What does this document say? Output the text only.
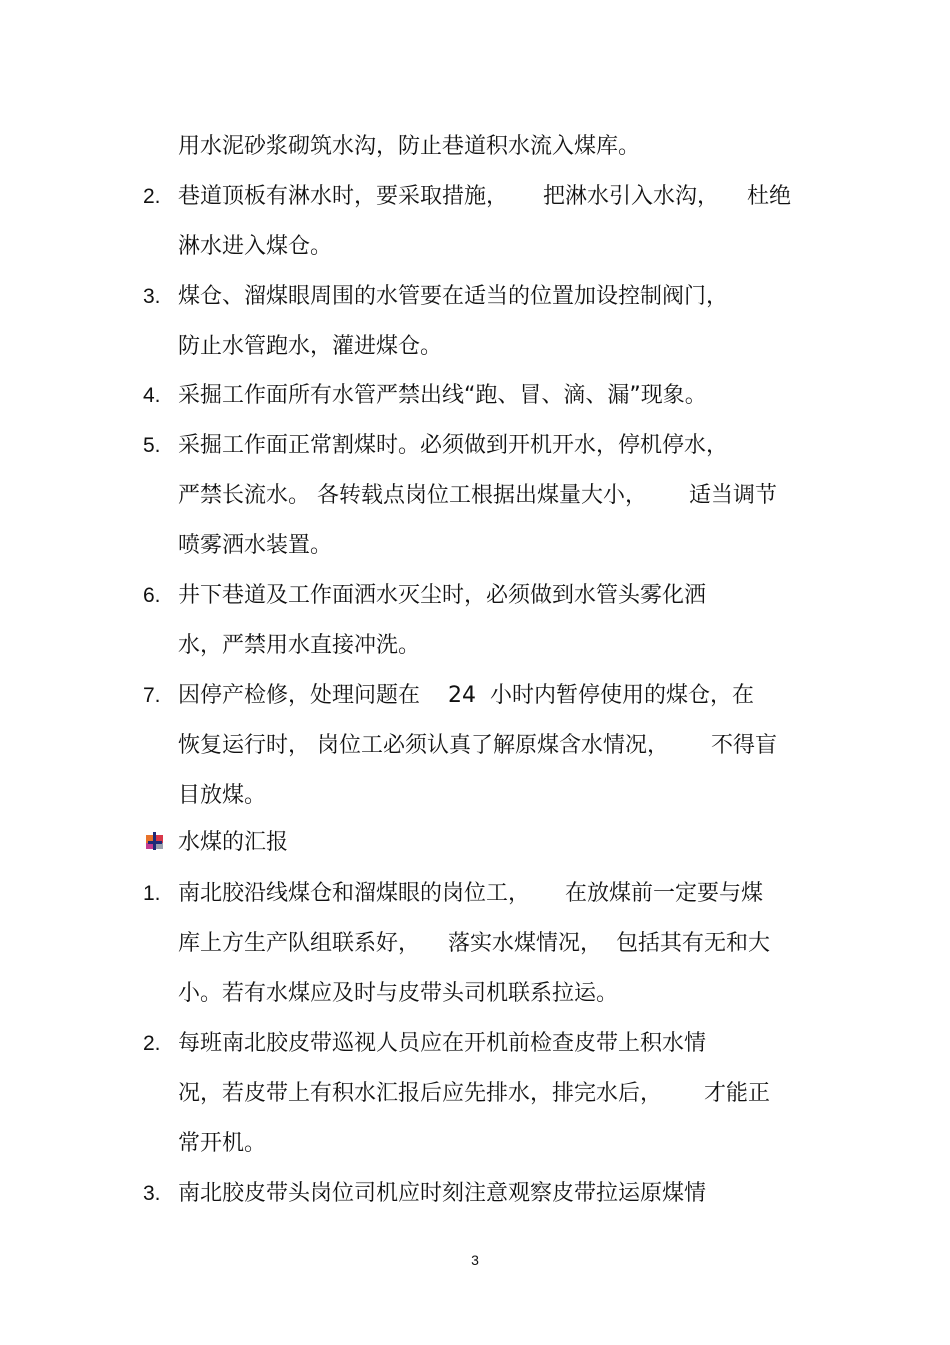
2.
3.
4.
5.
6.
7.
1.
2.
3.
用水泥砂浆砌筑水沟，防止巷道积水流入煤库。
巷道顶板有淋水时，要采取措施，     把淋水引入水沟，    杜绝
淋水进入煤仓。
煤仓、溜煤眼周围的水管要在适当的位置加设控制阀门，
防止水管跑水，灌进煤仓。
采掘工作面所有水管严禁出线“跑、冒、滴、漏”现象。
采掘工作面正常割煤时。必须做到开机开水，停机停水，
严禁长流水。 各转载点岗位工根据出煤量大小，      适当调节
喷雾洒水装置。
井下巷道及工作面洒水灭尘时，必须做到水管头雾化洒
水，严禁用水直接冲洗。
因停产检修，处理问题在    24  小时内暂停使用的煤仓，在
恢复运行时， 岗位工必须认真了解原煤含水情况，      不得盲
目放煤。
水煤的汇报
南北胶沿线煤仓和溜煤眼的岗位工，     在放煤前一定要与煤
库上方生产队组联系好，    落实水煤情况，  包括其有无和大
小。若有水煤应及时与皮带头司机联系拉运。
每班南北胶皮带巡视人员应在开机前检查皮带上积水情
况，若皮带上有积水汇报后应先排水，排完水后，      才能正
常开机。
南北胶皮带头岗位司机应时刻注意观察皮带拉运原煤情
3
